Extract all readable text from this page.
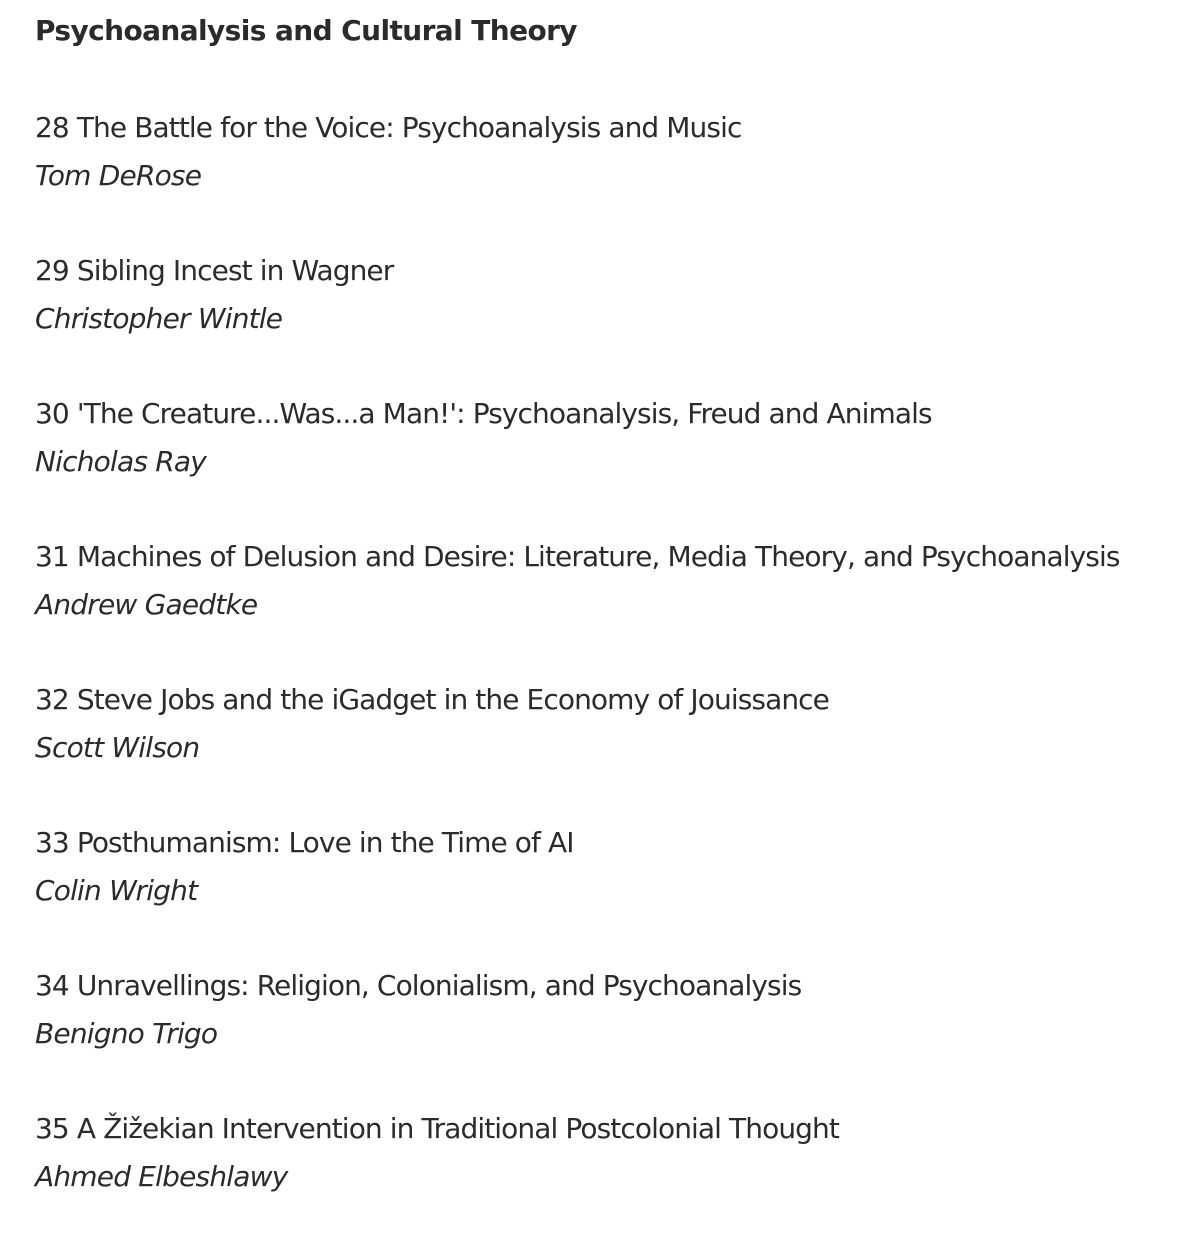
Psychoanalysis and Cultural Theory
28 The Battle for the Voice: Psychoanalysis and Music
Tom DeRose
29 Sibling Incest in Wagner
Christopher Wintle
30 'The Creature...Was...a Man!': Psychoanalysis, Freud and Animals
Nicholas Ray
31 Machines of Delusion and Desire: Literature, Media Theory, and Psychoanalysis
Andrew Gaedtke
32 Steve Jobs and the iGadget in the Economy of Jouissance
Scott Wilson
33 Posthumanism: Love in the Time of AI
Colin Wright
34 Unravellings: Religion, Colonialism, and Psychoanalysis
Benigno Trigo
35 A Žižekian Intervention in Traditional Postcolonial Thought
Ahmed Elbeshlawy
